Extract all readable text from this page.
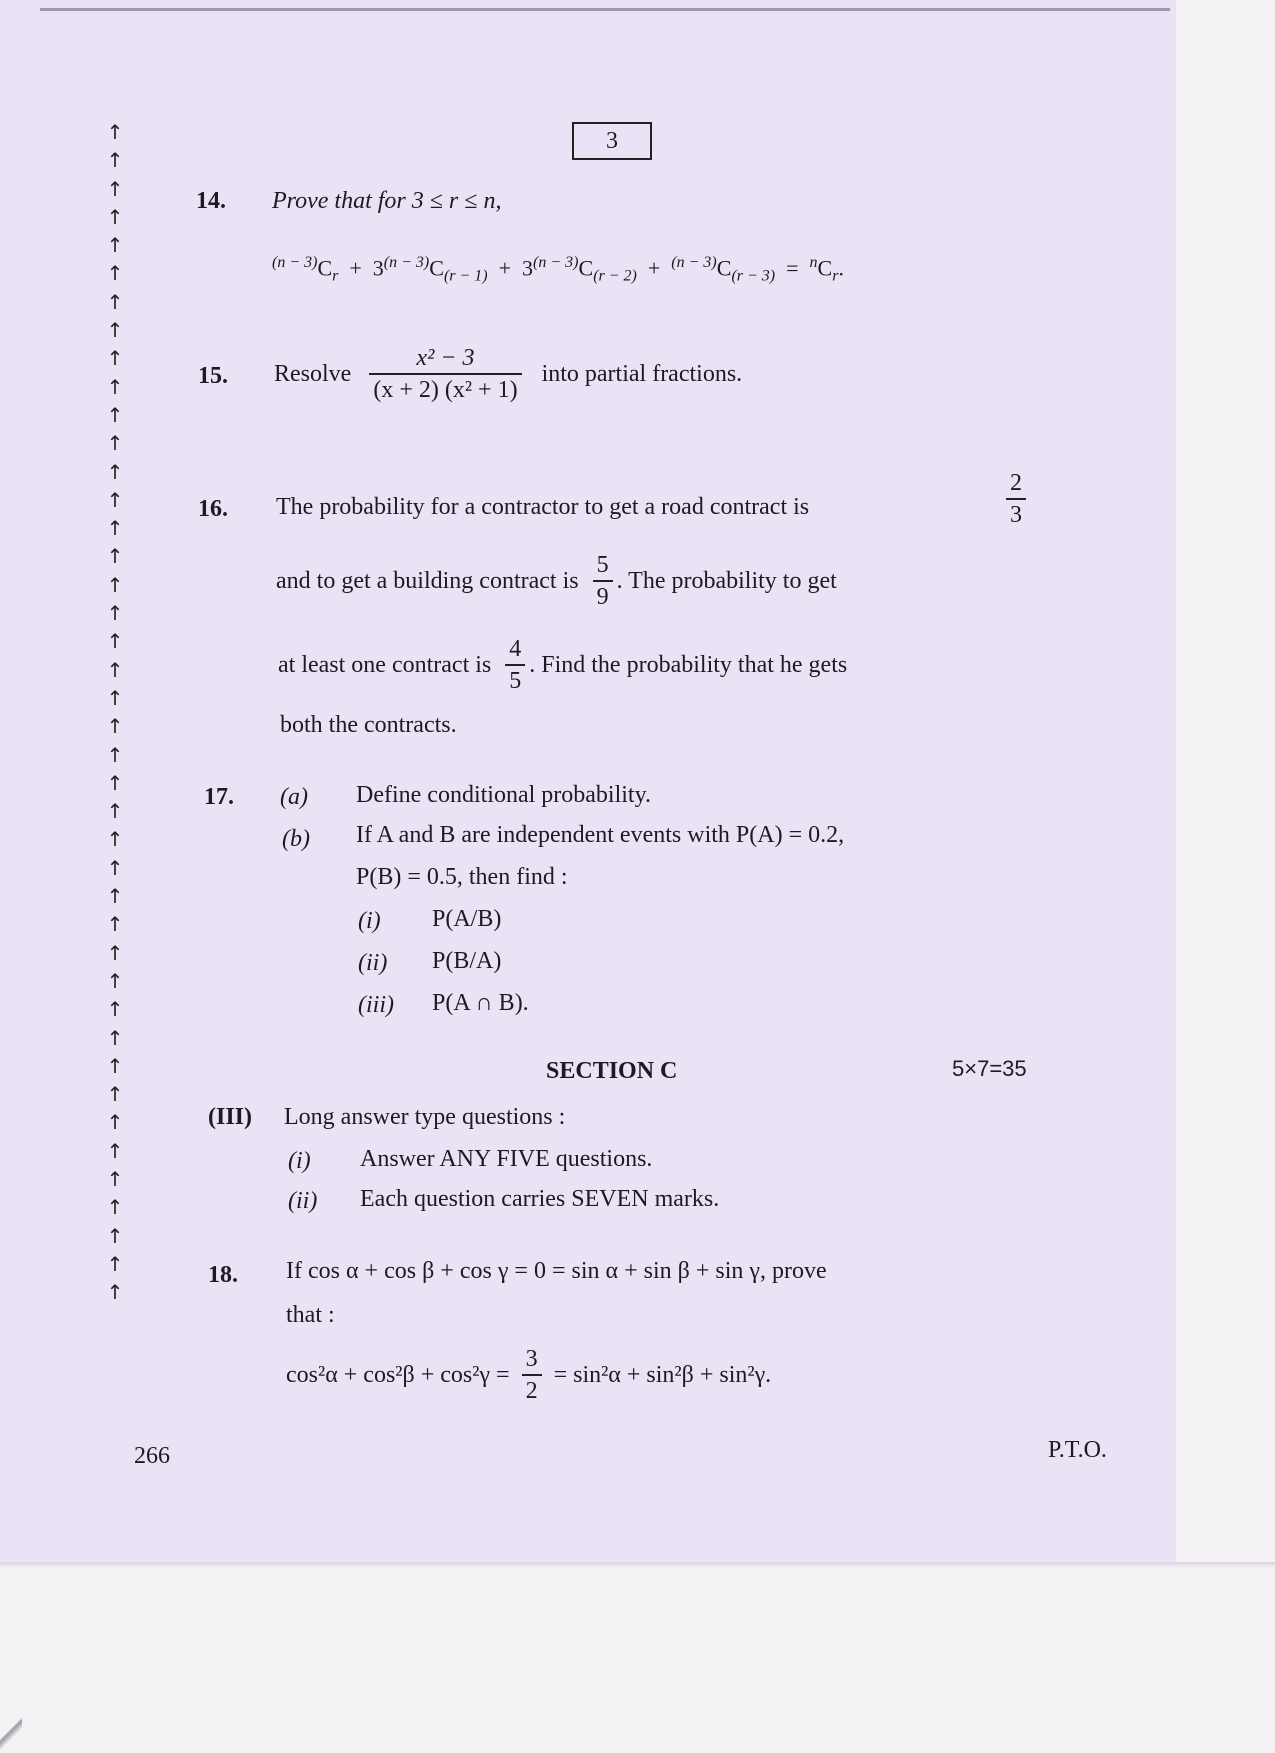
↑
↑
↑
↑
↑
↑
↑
↑
↑
↑
↑
↑
↑
↑
↑
↑
↑
↑
↑
↑
↑
↑
↑
↑
↑
↑
↑
↑
↑
↑
↑
↑
↑
↑
↑
↑
↑
↑
↑
↑
↑
↑
3
14. Prove that for 3 ≤ r ≤ n,
$^{(n - 3)}C_r + 3^{(n - 3)}C_{(r - 1)} + 3^{(n - 3)}C_{(r - 2)} + ^{(n - 3)}C_{(r - 3)} = ^nC_r$.
15. Resolve $\frac{\text{x² − 3}}{\text{(x + 2) (x² + 1)}}$ into partial fractions.
16. The probability for a contractor to get a road contract is	$\frac{2}{3}$
and to get a building contract is $\frac{5}{9}$ . The probability to get
at least one contract is $\frac{4}{5}$ . Find the probability that he gets
both the contracts.
17. (a) Define conditional probability.
(b) If A and B are independent events with P(A) = 0.2,
P(B) = 0.5, then find :
(i) P(A/B)
(ii) P(B/A)
(iii) P(A ∩ B).
SECTION C	5×7=35
(III) Long answer type questions :
(i) Answer ANY FIVE questions.
(ii) Each question carries SEVEN marks.
18. If cos α + cos β + cos γ = 0 = sin α + sin β + sin γ, prove
that :
$\cos^2\alpha + \cos^2\beta + \cos^2\gamma = \frac{3}{2} = \sin^2\alpha + \sin^2\beta + \sin^2\gamma$.
266	P.T.O.
